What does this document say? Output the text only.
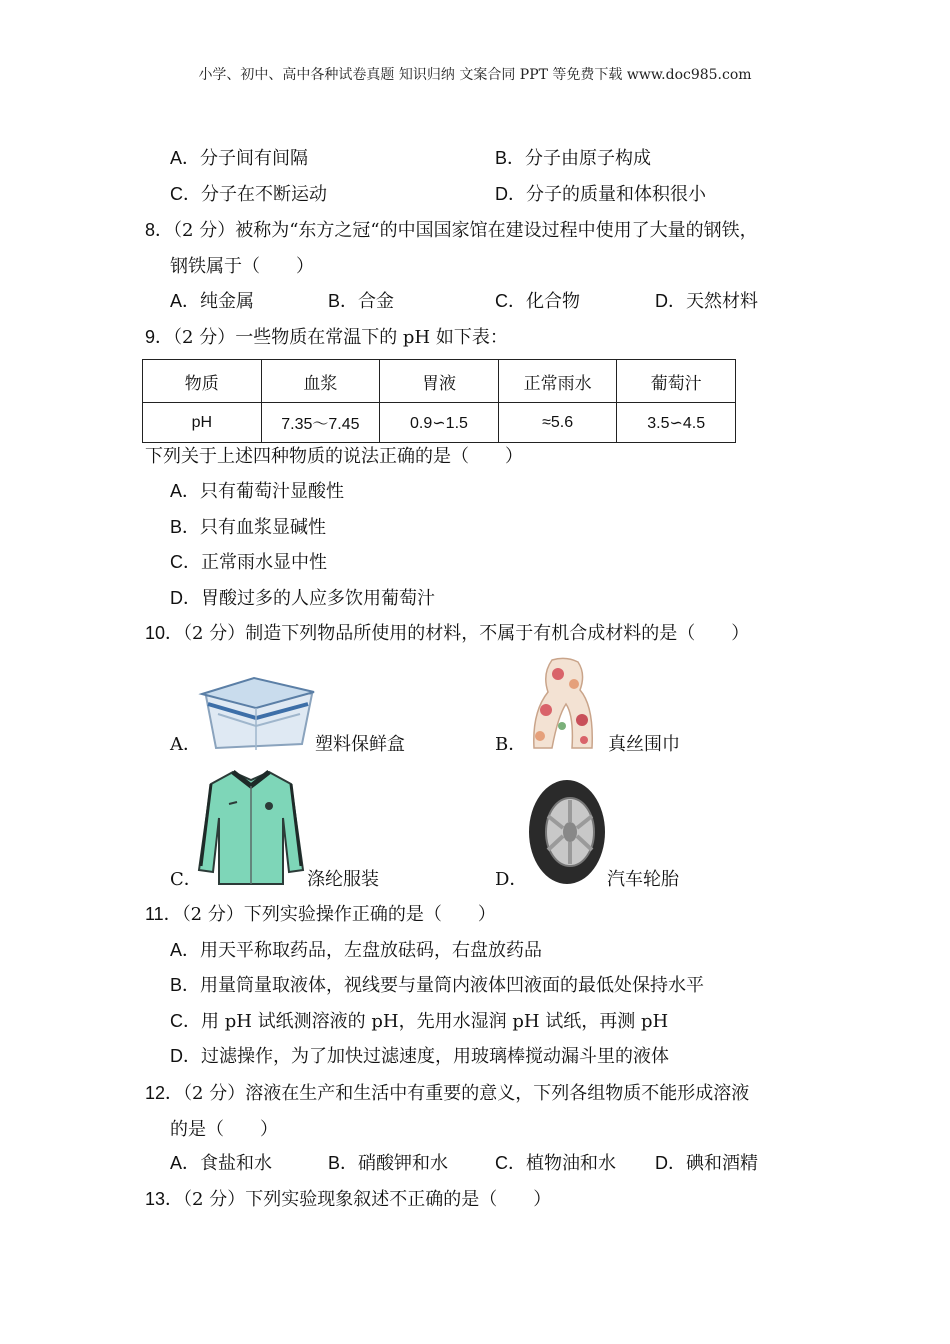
小学、初中、高中各种试卷真题 知识归纳 文案合同 PPT 等免费下载 www.doc985.com
A．分子间有间隔	B．分子由原子构成
C．分子在不断运动	D．分子的质量和体积很小
8．（2 分）被称为“东方之冠“的中国国家馆在建设过程中使用了大量的钢铁，
钢铁属于（　　）
A．纯金属	B．合金	C．化合物	D．天然材料
9．（2 分）一些物质在常温下的 pH 如下表：
物质	血浆	胃液	正常雨水	葡萄汁
pH	7.35～7.45	0.9∽1.5	≈5.6	3.5∽4.5
下列关于上述四种物质的说法正确的是（　　）
A．只有葡萄汁显酸性
B．只有血浆显碱性
C．正常雨水显中性
D．胃酸过多的人应多饮用葡萄汁
10．（2 分）制造下列物品所使用的材料，不属于有机合成材料的是（　　）
A．	塑料保鲜盒	B．	真丝围巾
C．	涤纶服装	D．	汽车轮胎
11．（2 分）下列实验操作正确的是（　　）
A．用天平称取药品，左盘放砝码，右盘放药品
B．用量筒量取液体，视线要与量筒内液体凹液面的最低处保持水平
C．用 pH 试纸测溶液的 pH，先用水湿润 pH 试纸，再测 pH
D．过滤操作，为了加快过滤速度，用玻璃棒搅动漏斗里的液体
12．（2 分）溶液在生产和生活中有重要的意义，下列各组物质不能形成溶液
的是（　　）
A．食盐和水	B．硝酸钾和水	C．植物油和水 D．碘和酒精
13．（2 分）下列实验现象叙述不正确的是（　　）
